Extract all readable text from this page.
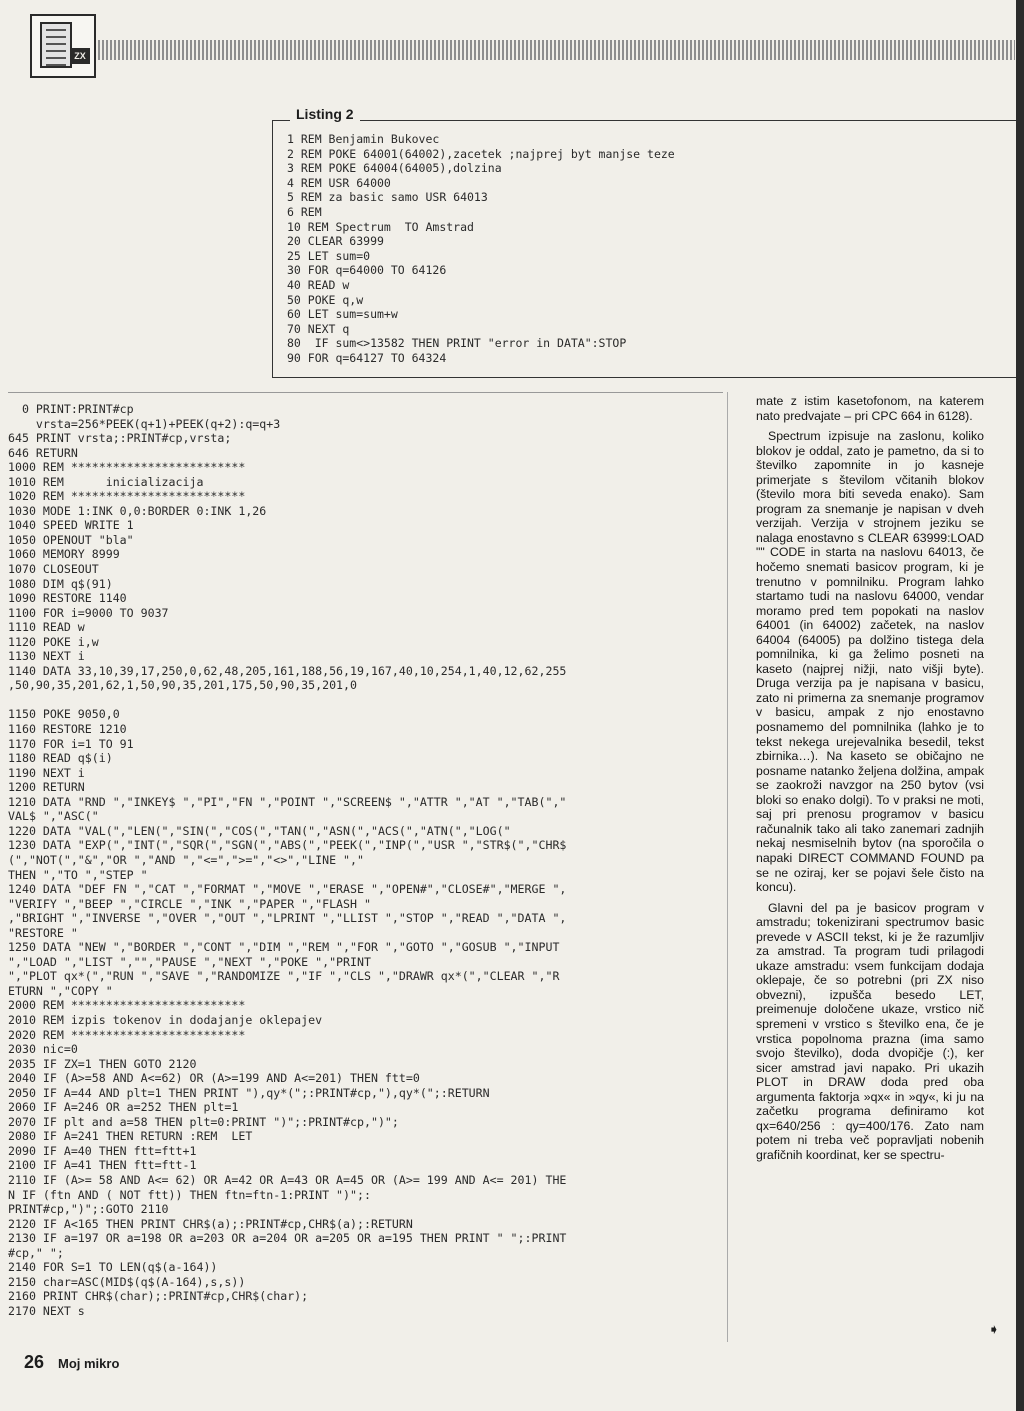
ZX
Listing 2
1 REM Benjamin Bukovec
2 REM POKE 64001(64002),zacetek ;najprej byt manjse teze
3 REM POKE 64004(64005),dolzina
4 REM USR 64000
5 REM za basic samo USR 64013
6 REM
10 REM Spectrum  TO Amstrad
20 CLEAR 63999
25 LET sum=0
30 FOR q=64000 TO 64126
40 READ w
50 POKE q,w
60 LET sum=sum+w
70 NEXT q
80  IF sum<>13582 THEN PRINT "error in DATA":STOP
90 FOR q=64127 TO 64324

0 PRINT:PRINT#cp
vrsta=256*PEEK(q+1)+PEEK(q+2):q=q+3
645 PRINT vrsta;:PRINT#cp,vrsta;
646 RETURN
1000 REM *************************
1010 REM      inicializacija
1020 REM *************************
1030 MODE 1:INK 0,0:BORDER 0:INK 1,26
1040 SPEED WRITE 1
1050 OPENOUT "bla"
1060 MEMORY 8999
1070 CLOSEOUT
1080 DIM q$(91)
1090 RESTORE 1140
1100 FOR i=9000 TO 9037
1110 READ w
1120 POKE i,w
1130 NEXT i
1140 DATA 33,10,39,17,250,0,62,48,205,161,188,56,19,167,40,10,254,1,40,12,62,255
,50,90,35,201,62,1,50,90,35,201,175,50,90,35,201,0

1150 POKE 9050,0
1160 RESTORE 1210
1170 FOR i=1 TO 91
1180 READ q$(i)
1190 NEXT i
1200 RETURN
1210 DATA "RND ","INKEY$ ","PI","FN ","POINT ","SCREEN$ ","ATTR ","AT ","TAB(","
VAL$ ","ASC("
1220 DATA "VAL(","LEN(","SIN(","COS(","TAN(","ASN(","ACS(","ATN(","LOG("
1230 DATA "EXP(","INT(","SQR(","SGN(","ABS(","PEEK(","INP(","USR ","STR$(","CHR$
(","NOT(","&","OR ","AND ","<=",">=","<>","LINE ","
THEN ","TO ","STEP "
1240 DATA "DEF FN ","CAT ","FORMAT ","MOVE ","ERASE ","OPEN#","CLOSE#","MERGE ",
"VERIFY ","BEEP ","CIRCLE ","INK ","PAPER ","FLASH "
,"BRIGHT ","INVERSE ","OVER ","OUT ","LPRINT ","LLIST ","STOP ","READ ","DATA ",
"RESTORE "
1250 DATA "NEW ","BORDER ","CONT ","DIM ","REM ","FOR ","GOTO ","GOSUB ","INPUT
","LOAD ","LIST ","","PAUSE ","NEXT ","POKE ","PRINT
","PLOT qx*(","RUN ","SAVE ","RANDOMIZE ","IF ","CLS ","DRAWR qx*(","CLEAR ","R
ETURN ","COPY "
2000 REM *************************
2010 REM izpis tokenov in dodajanje oklepajev
2020 REM *************************
2030 nic=0
2035 IF ZX=1 THEN GOTO 2120
2040 IF (A>=58 AND A<=62) OR (A>=199 AND A<=201) THEN ftt=0
2050 IF A=44 AND plt=1 THEN PRINT "),qy*(";:PRINT#cp,"),qy*(";:RETURN
2060 IF A=246 OR a=252 THEN plt=1
2070 IF plt and a=58 THEN plt=0:PRINT ")";:PRINT#cp,")";
2080 IF A=241 THEN RETURN :REM  LET
2090 IF A=40 THEN ftt=ftt+1
2100 IF A=41 THEN ftt=ftt-1
2110 IF (A>= 58 AND A<= 62) OR A=42 OR A=43 OR A=45 OR (A>= 199 AND A<= 201) THE
N IF (ftn AND ( NOT ftt)) THEN ftn=ftn-1:PRINT ")";:
PRINT#cp,")";:GOTO 2110
2120 IF A<165 THEN PRINT CHR$(a);:PRINT#cp,CHR$(a);:RETURN
2130 IF a=197 OR a=198 OR a=203 OR a=204 OR a=205 OR a=195 THEN PRINT " ";:PRINT
#cp," ";
2140 FOR S=1 TO LEN(q$(a-164))
2150 char=ASC(MID$(q$(A-164),s,s))
2160 PRINT CHR$(char);:PRINT#cp,CHR$(char);
2170 NEXT s

mate z istim kasetofonom, na katerem nato predvajate – pri CPC 664 in 6128).

Spectrum izpisuje na zaslonu, koliko blokov je oddal, zato je pametno, da si to številko zapomnite in jo kasneje primerjate s številom včitanih blokov (število mora biti seveda enako). Sam program za snemanje je napisan v dveh verzijah. Verzija v strojnem jeziku se nalaga enostavno s CLEAR 63999:LOAD "" CODE in starta na naslovu 64013, če hočemo snemati basicov program, ki je trenutno v pomnilniku. Program lahko startamo tudi na naslovu 64000, vendar moramo pred tem popokati na naslov 64001 (in 64002) začetek, na naslov 64004 (64005) pa dolžino tistega dela pomnilnika, ki ga želimo posneti na kaseto (najprej nižji, nato višji byte). Druga verzija pa je napisana v basicu, zato ni primerna za snemanje programov v basicu, ampak z njo enostavno posnamemo del pomnilnika (lahko je to tekst nekega urejevalnika besedil, tekst zbirnika…). Na kaseto se običajno ne posname natanko željena dolžina, ampak se zaokroži navzgor na 250 bytov (vsi bloki so enako dolgi). To v praksi ne moti, saj pri prenosu programov v basicu računalnik tako ali tako zanemari zadnjih nekaj nesmiselnih bytov (na sporočila o napaki DIRECT COMMAND FOUND pa se ne oziraj, ker se pojavi šele čisto na koncu).

Glavni del pa je basicov program v amstradu; tokenizirani spectrumov basic prevede v ASCII tekst, ki je že razumljiv za amstrad. Ta program tudi prilagodi ukaze amstradu: vsem funkcijam dodaja oklepaje, če so potrebni (pri ZX niso obvezni), izpušča besedo LET, preimenuje določene ukaze, vrstico nič spremeni v vrstico s številko ena, če je vrstica popolnoma prazna (ima samo svojo številko), doda dvopičje (:), ker sicer amstrad javi napako. Pri ukazih PLOT in DRAW doda pred oba argumenta faktorja »qx« in »qy«, ki ju na začetku programa definiramo kot qx=640/256 : qy=400/176. Zato nam potem ni treba več popravljati nobenih grafičnih koordinat, ker se spectru-

➧
26 Moj mikro
